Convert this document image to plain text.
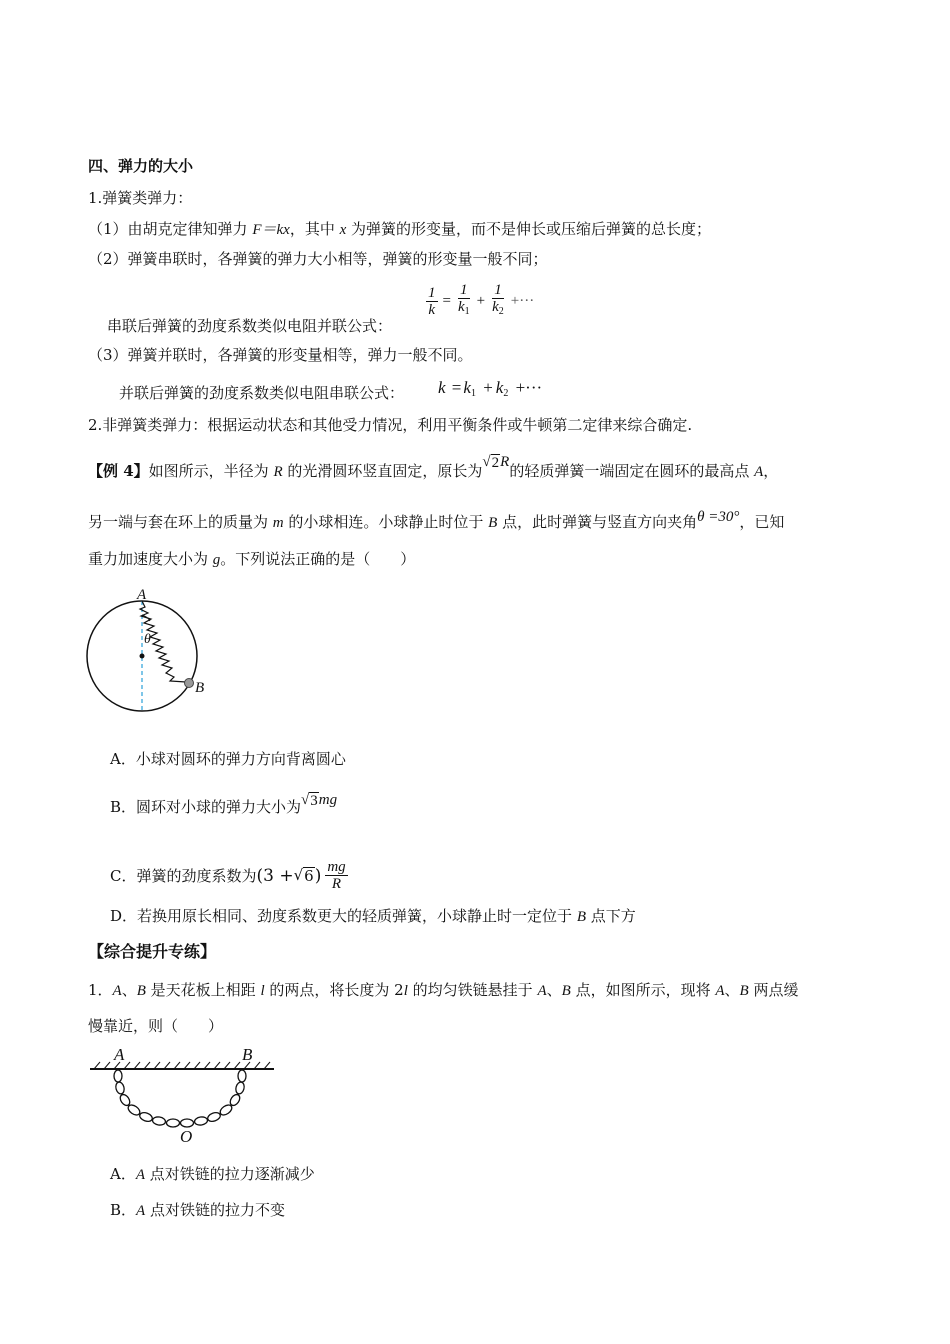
四、弹力的大小
1.弹簧类弹力：
（1）由胡克定律知弹力 F＝kx，其中 x 为弹簧的形变量，而不是伸长或压缩后弹簧的总长度；
（2）弹簧串联时，各弹簧的弹力大小相等，弹簧的形变量一般不同；
串联后弹簧的劲度系数类似电阻并联公式：
$\frac{1}{k} = \frac{1}{k_1} + \frac{1}{k_2}$ +···
（3）弹簧并联时，各弹簧的形变量相等，弹力一般不同。
并联后弹簧的劲度系数类似电阻串联公式： $k = k_1 + k_2$ +···
2.非弹簧类弹力：根据运动状态和其他受力情况，利用平衡条件或牛顿第二定律来综合确定.
【例 4】如图所示，半径为 R 的光滑圆环竖直固定，原长为 √ 2 R 的轻质弹簧一端固定在圆环的最高点 A，
另一端与套在环上的质量为 m 的小球相连。小球静止时位于 B 点，此时弹簧与竖直方向夹角θ =30°，已知
重力加速度大小为 g。下列说法正确的是（　　）
A
θ
B
A．小球对圆环的弹力方向背离圆心
B．圆环对小球的弹力大小为 √ 3 mg
C．弹簧的劲度系数为 (3 + √ 6 ) $\frac{mg}{R}$
D．若换用原长相同、劲度系数更大的轻质弹簧，小球静止时一定位于 B 点下方
【综合提升专练】
1．A、B 是天花板上相距 l 的两点，将长度为 2l 的均匀铁链悬挂于 A、B 点，如图所示，现将 A、B 两点缓
慢靠近，则（　　）
A	B
O
A．A 点对铁链的拉力逐渐减少
B．A 点对铁链的拉力不变
